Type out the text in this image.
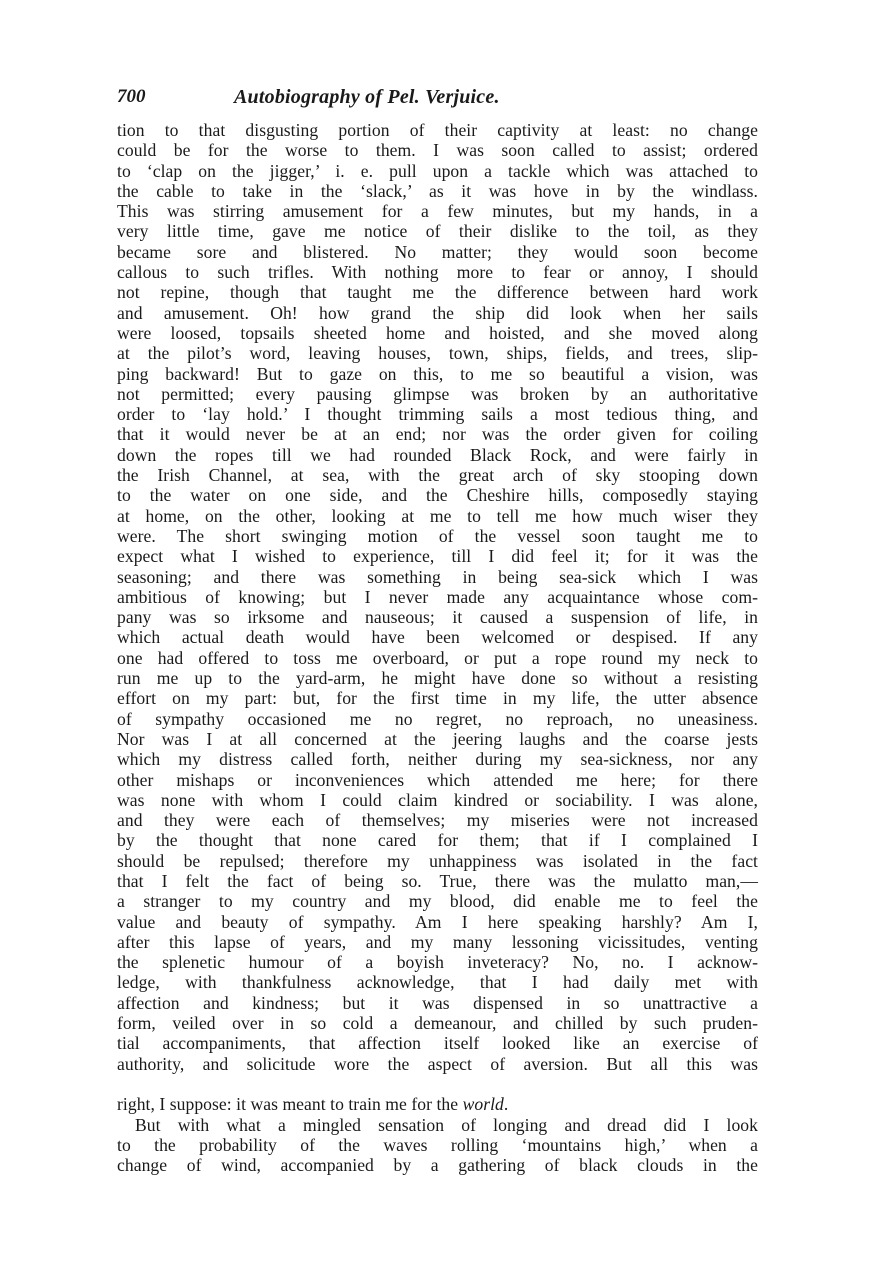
700	Autobiography of Pel. Verjuice.
tion to that disgusting portion of their captivity at least: no change
could be for the worse to them. I was soon called to assist; ordered
to ‘clap on the jigger,’ i. e. pull upon a tackle which was attached to
the cable to take in the ‘slack,’ as it was hove in by the windlass.
This was stirring amusement for a few minutes, but my hands, in a
very little time, gave me notice of their dislike to the toil, as they
became sore and blistered. No matter; they would soon become
callous to such trifles. With nothing more to fear or annoy, I should
not repine, though that taught me the difference between hard work
and amusement. Oh! how grand the ship did look when her sails
were loosed, topsails sheeted home and hoisted, and she moved along
at the pilot’s word, leaving houses, town, ships, fields, and trees, slip-
ping backward! But to gaze on this, to me so beautiful a vision, was
not permitted; every pausing glimpse was broken by an authoritative
order to ‘lay hold.’ I thought trimming sails a most tedious thing, and
that it would never be at an end; nor was the order given for coiling
down the ropes till we had rounded Black Rock, and were fairly in
the Irish Channel, at sea, with the great arch of sky stooping down
to the water on one side, and the Cheshire hills, composedly staying
at home, on the other, looking at me to tell me how much wiser they
were. The short swinging motion of the vessel soon taught me to
expect what I wished to experience, till I did feel it; for it was the
seasoning; and there was something in being sea-sick which I was
ambitious of knowing; but I never made any acquaintance whose com-
pany was so irksome and nauseous; it caused a suspension of life, in
which actual death would have been welcomed or despised. If any
one had offered to toss me overboard, or put a rope round my neck to
run me up to the yard-arm, he might have done so without a resisting
effort on my part: but, for the first time in my life, the utter absence
of sympathy occasioned me no regret, no reproach, no uneasiness.
Nor was I at all concerned at the jeering laughs and the coarse jests
which my distress called forth, neither during my sea-sickness, nor any
other mishaps or inconveniences which attended me here; for there
was none with whom I could claim kindred or sociability. I was alone,
and they were each of themselves; my miseries were not increased
by the thought that none cared for them; that if I complained I
should be repulsed; therefore my unhappiness was isolated in the fact
that I felt the fact of being so. True, there was the mulatto man,—
a stranger to my country and my blood, did enable me to feel the
value and beauty of sympathy. Am I here speaking harshly? Am I,
after this lapse of years, and my many lessoning vicissitudes, venting
the splenetic humour of a boyish inveteracy? No, no. I acknow-
ledge, with thankfulness acknowledge, that I had daily met with
affection and kindness; but it was dispensed in so unattractive a
form, veiled over in so cold a demeanour, and chilled by such pruden-
tial accompaniments, that affection itself looked like an exercise of
authority, and solicitude wore the aspect of aversion. But all this was
right, I suppose: it was meant to train me for the world.
But with what a mingled sensation of longing and dread did I look
to the probability of the waves rolling ‘mountains high,’ when a
change of wind, accompanied by a gathering of black clouds in the
